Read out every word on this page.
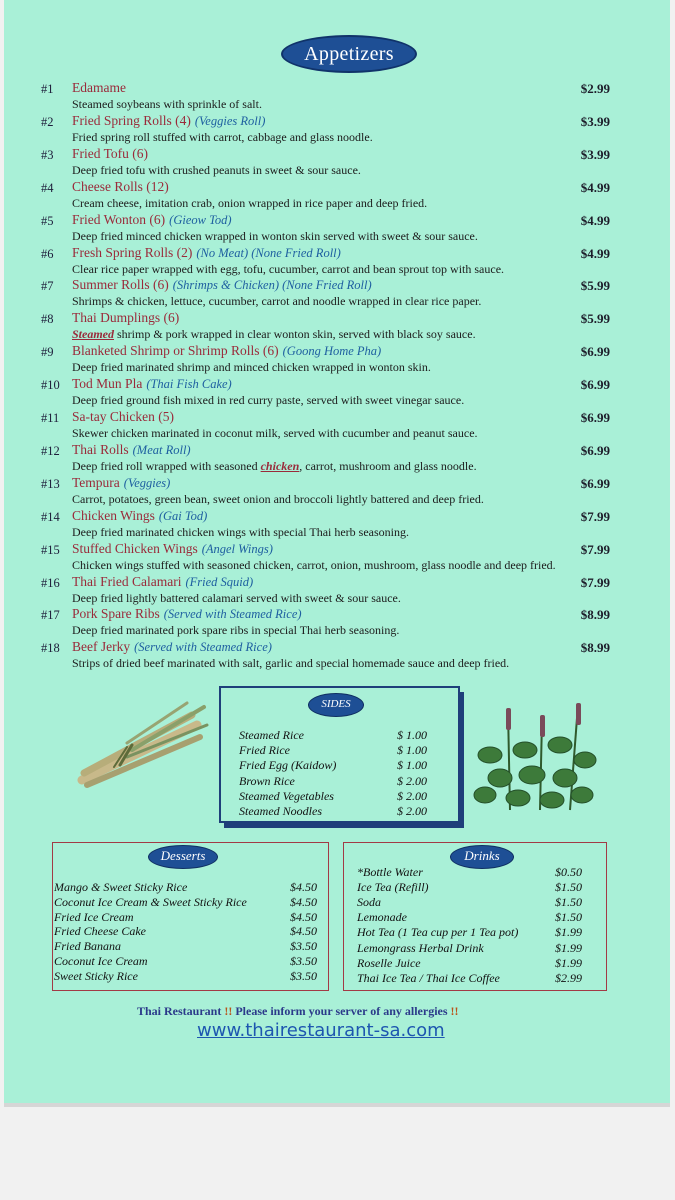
Appetizers
#1 Edamame	$2.99
Steamed soybeans with sprinkle of salt.
#2 Fried Spring Rolls (4) (Veggies Roll)	$3.99
Fried spring roll stuffed with carrot, cabbage and glass noodle.
#3 Fried Tofu (6)	$3.99
Deep fried tofu with crushed peanuts in sweet & sour sauce.
#4 Cheese Rolls (12)	$4.99
Cream cheese, imitation crab, onion wrapped in rice paper and deep fried.
#5 Fried Wonton (6) (Gieow Tod)	$4.99
Deep fried minced chicken wrapped in wonton skin served with sweet & sour sauce.
#6 Fresh Spring Rolls (2) (No Meat) (None Fried Roll)	$4.99
Clear rice paper wrapped with egg, tofu, cucumber, carrot and bean sprout top with sauce.
#7 Summer Rolls (6) (Shrimps & Chicken) (None Fried Roll)	$5.99
Shrimps & chicken, lettuce, cucumber, carrot and noodle wrapped in clear rice paper.
#8 Thai Dumplings (6)	$5.99
Steamed shrimp & pork wrapped in clear wonton skin, served with black soy sauce.
#9 Blanketed Shrimp or Shrimp Rolls (6) (Goong Home Pha)	$6.99
Deep fried marinated shrimp and minced chicken wrapped in wonton skin.
#10 Tod Mun Pla (Thai Fish Cake)	$6.99
Deep fried ground fish mixed in red curry paste, served with sweet vinegar sauce.
#11 Sa-tay Chicken (5)	$6.99
Skewer chicken marinated in coconut milk, served with cucumber and peanut sauce.
#12 Thai Rolls (Meat Roll)	$6.99
Deep fried roll wrapped with seasoned chicken, carrot, mushroom and glass noodle.
#13 Tempura (Veggies)	$6.99
Carrot, potatoes, green bean, sweet onion and broccoli lightly battered and deep fried.
#14 Chicken Wings (Gai Tod)	$7.99
Deep fried marinated chicken wings with special Thai herb seasoning.
#15 Stuffed Chicken Wings (Angel Wings)	$7.99
Chicken wings stuffed with seasoned chicken, carrot, onion, mushroom, glass noodle and deep fried.
#16 Thai Fried Calamari (Fried Squid)	$7.99
Deep fried lightly battered calamari served with sweet & sour sauce.
#17 Pork Spare Ribs (Served with Steamed Rice)	$8.99
Deep fried marinated pork spare ribs in special Thai herb seasoning.
#18 Beef Jerky (Served with Steamed Rice)	$8.99
Strips of dried beef marinated with salt, garlic and special homemade sauce and deep fried.
SIDES
Steamed Rice	$ 1.00
Fried Rice	$ 1.00
Fried Egg (Kaidow)	$ 1.00
Brown Rice	$ 2.00
Steamed Vegetables	$ 2.00
Steamed Noodles	$ 2.00
Desserts
Mango & Sweet Sticky Rice	$4.50
Coconut Ice Cream & Sweet Sticky Rice	$4.50
Fried Ice Cream	$4.50
Fried Cheese Cake	$4.50
Fried Banana	$3.50
Coconut Ice Cream	$3.50
Sweet Sticky Rice	$3.50
Drinks
*Bottle Water	$0.50
Ice Tea (Refill)	$1.50
Soda	$1.50
Lemonade	$1.50
Hot Tea (1 Tea cup per 1 Tea pot)	$1.99
Lemongrass Herbal Drink	$1.99
Roselle Juice	$1.99
Thai Ice Tea / Thai Ice Coffee	$2.99
Thai Restaurant !! Please inform your server of any allergies !!
www.thairestaurant-sa.com
